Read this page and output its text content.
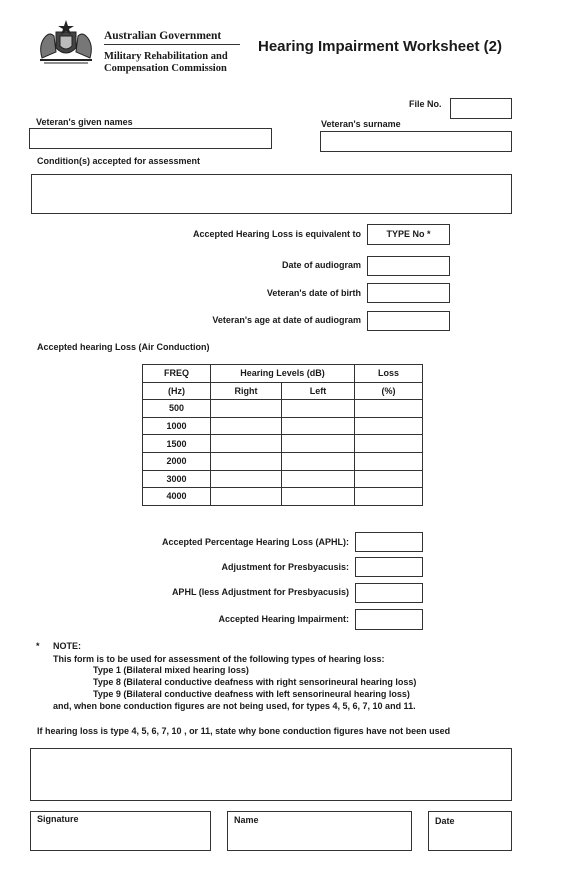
Australian Government
Military Rehabilitation and
Compensation Commission
Hearing Impairment Worksheet (2)
File No.
Veteran's given names	Veteran's surname
Condition(s) accepted for assessment
Accepted Hearing Loss is equivalent to	TYPE No *
Date of audiogram
Veteran's date of birth
Veteran's age at date of audiogram
Accepted hearing Loss (Air Conduction)
FREQ	Hearing Levels (dB)		Loss
(Hz)	Right	Left	(%)
500			
1000			
1500			
2000			
3000			
4000			
Accepted Percentage Hearing Loss (APHL):
Adjustment for Presbyacusis:
APHL (less Adjustment for Presbyacusis)
Accepted Hearing Impairment:
* NOTE:
This form is to be used for assessment of the following types of hearing loss:
Type 1 (Bilateral mixed hearing loss)
Type 8 (Bilateral conductive deafness with right sensorineural hearing loss)
Type 9 (Bilateral conductive deafness with left sensorineural hearing loss)
and, when bone conduction figures are not being used, for types 4, 5, 6, 7, 10 and 11.
If hearing loss is type 4, 5, 6, 7, 10 , or 11, state why bone conduction figures have not been used
Signature	Name	Date
